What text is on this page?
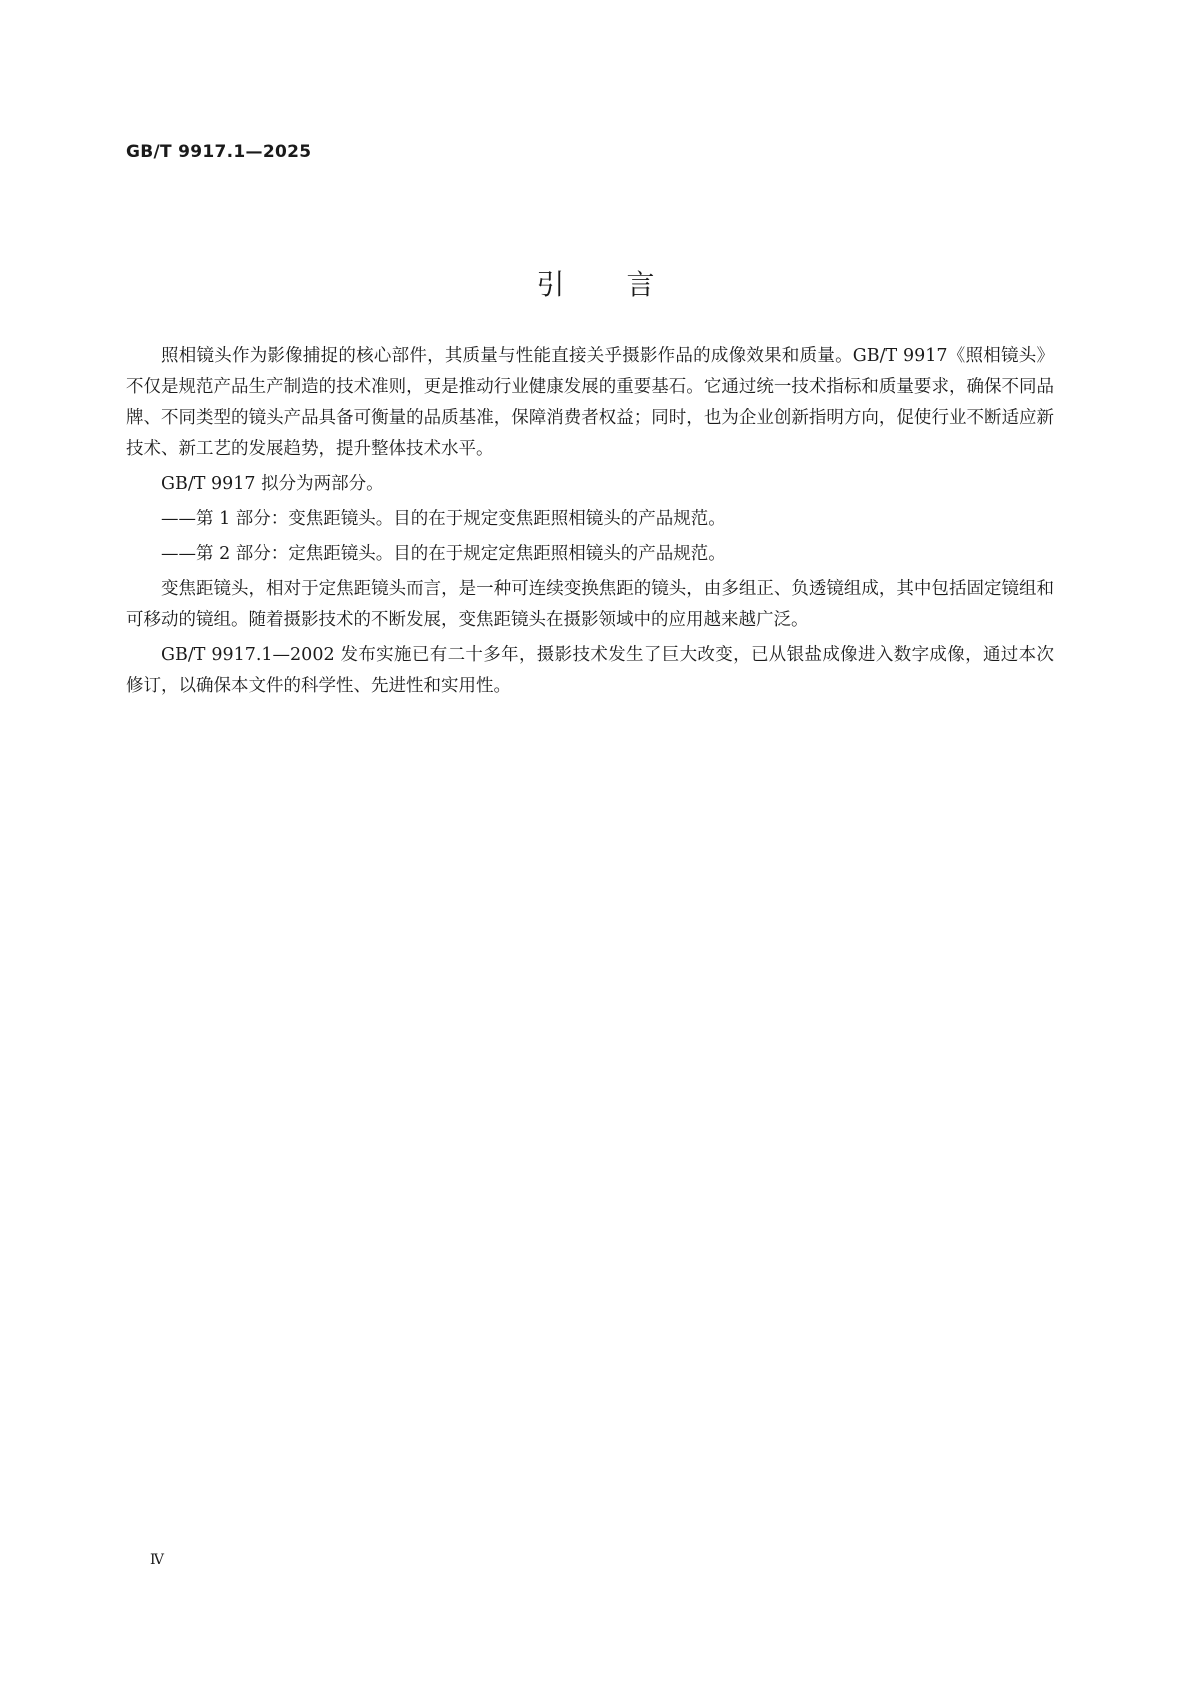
GB/T 9917.1—2025
引言

照相镜头作为影像捕捉的核心部件，其质量与性能直接关乎摄影作品的成像效果和质量。GB/T 9917《照相镜头》不仅是规范产品生产制造的技术准则，更是推动行业健康发展的重要基石。它通过统一技术指标和质量要求，确保不同品牌、不同类型的镜头产品具备可衡量的品质基准，保障消费者权益；同时，也为企业创新指明方向，促使行业不断适应新技术、新工艺的发展趋势，提升整体技术水平。

GB/T 9917 拟分为两部分。

——第 1 部分：变焦距镜头。目的在于规定变焦距照相镜头的产品规范。

——第 2 部分：定焦距镜头。目的在于规定定焦距照相镜头的产品规范。

变焦距镜头，相对于定焦距镜头而言，是一种可连续变换焦距的镜头，由多组正、负透镜组成，其中包括固定镜组和可移动的镜组。随着摄影技术的不断发展，变焦距镜头在摄影领域中的应用越来越广泛。

GB/T 9917.1—2002 发布实施已有二十多年，摄影技术发生了巨大改变，已从银盐成像进入数字成像，通过本次修订，以确保本文件的科学性、先进性和实用性。

Ⅳ
